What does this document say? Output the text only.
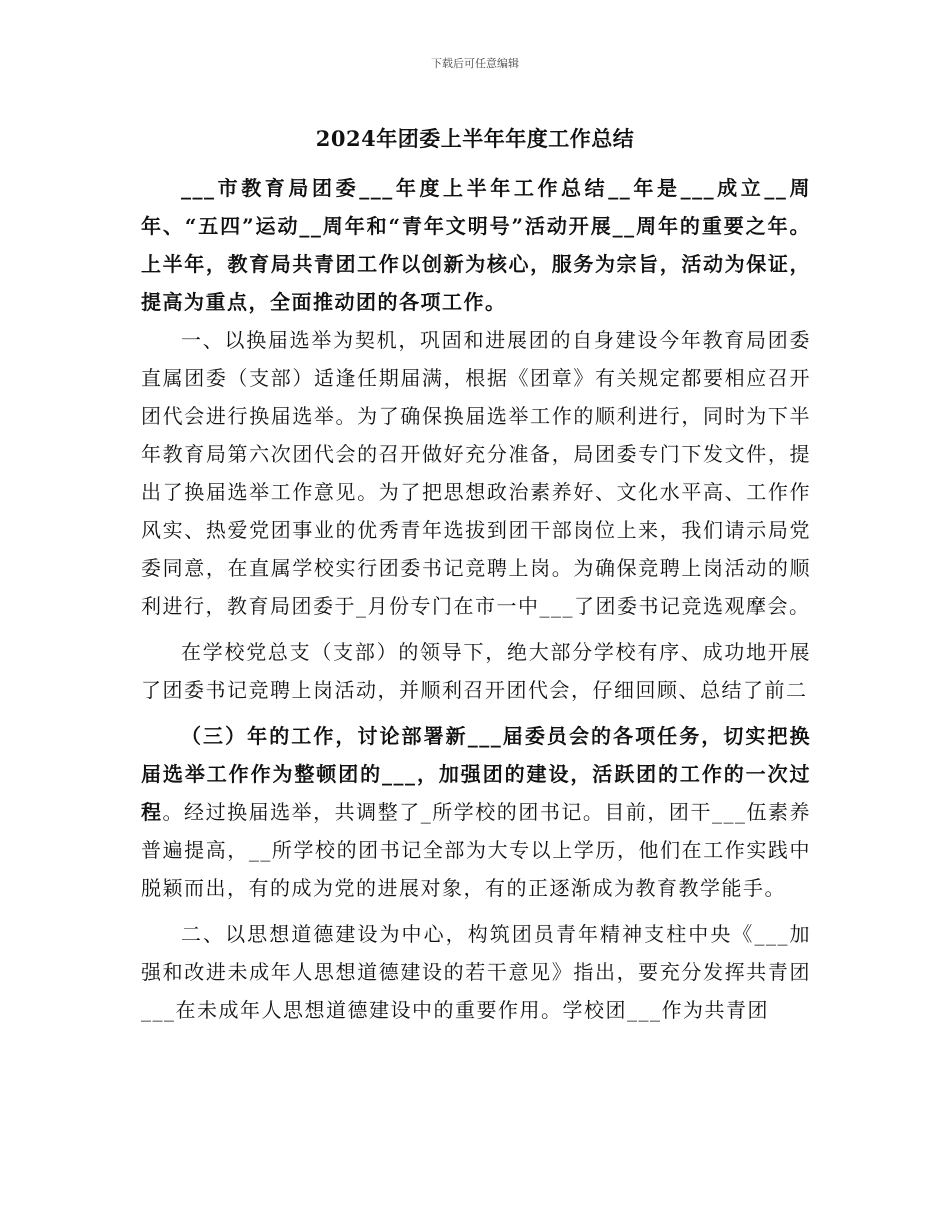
下载后可任意编辑
2024年团委上半年年度工作总结

___市教育局团委___年度上半年工作总结__年是___成立__周年、“五四”运动__周年和“青年文明号”活动开展__周年的重要之年。上半年，教育局共青团工作以创新为核心，服务为宗旨，活动为保证，提高为重点，全面推动团的各项工作。

一、以换届选举为契机，巩固和进展团的自身建设今年教育局团委直属团委（支部）适逢任期届满，根据《团章》有关规定都要相应召开团代会进行换届选举。为了确保换届选举工作的顺利进行，同时为下半年教育局第六次团代会的召开做好充分准备，局团委专门下发文件，提出了换届选举工作意见。为了把思想政治素养好、文化水平高、工作作风实、热爱党团事业的优秀青年选拔到团干部岗位上来，我们请示局党委同意，在直属学校实行团委书记竞聘上岗。为确保竞聘上岗活动的顺利进行，教育局团委于_月份专门在市一中___了团委书记竞选观摩会。

在学校党总支（支部）的领导下，绝大部分学校有序、成功地开展了团委书记竞聘上岗活动，并顺利召开团代会，仔细回顾、总结了前二

（三）年的工作，讨论部署新___届委员会的各项任务，切实把换届选举工作作为整顿团的___，加强团的建设，活跃团的工作的一次过程。经过换届选举，共调整了_所学校的团书记。目前，团干___伍素养普遍提高，__所学校的团书记全部为大专以上学历，他们在工作实践中脱颖而出，有的成为党的进展对象，有的正逐渐成为教育教学能手。

二、以思想道德建设为中心，构筑团员青年精神支柱中央《___加强和改进未成年人思想道德建设的若干意见》指出，要充分发挥共青团___在未成年人思想道德建设中的重要作用。学校团___作为共青团
